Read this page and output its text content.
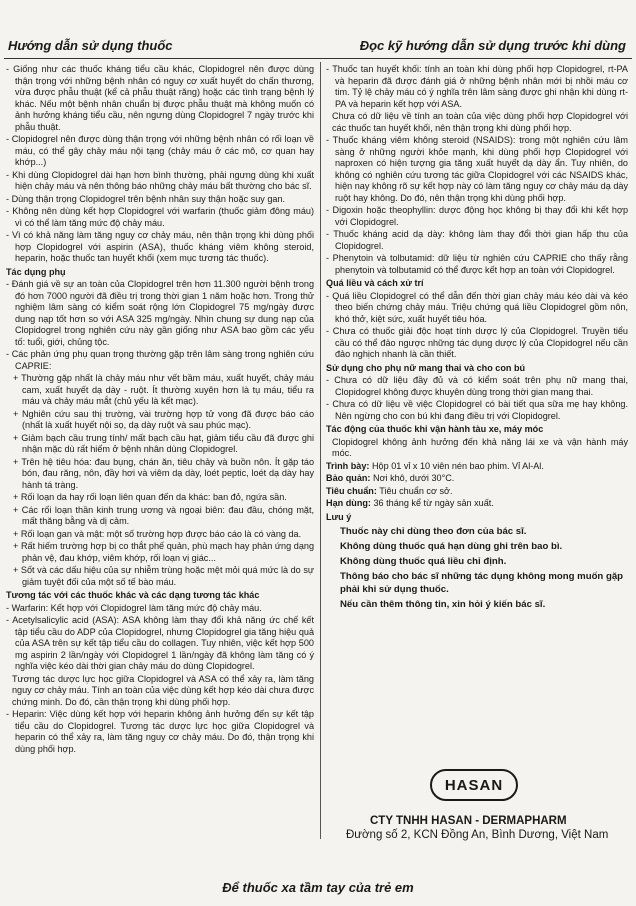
Hướng dẫn sử dụng thuốc	Đọc kỹ hướng dẫn sử dụng trước khi dùng

- Giống như các thuốc kháng tiểu cầu khác, Clopidogrel nên được dùng thận trọng với những bệnh nhân có nguy cơ xuất huyết do chấn thương, vừa được phẫu thuật (kể cả phẫu thuật răng) hoặc các tình trạng bệnh lý khác. Nếu một bệnh nhân chuẩn bị được phẫu thuật mà không muốn có ảnh hưởng kháng tiểu cầu, nên ngưng dùng Clopidogrel 7 ngày trước khi phẫu thuật.

- Clopidogrel nên được dùng thận trọng với những bệnh nhân có rối loạn về máu, có thể gây chảy máu nội tạng (chảy máu ở các mô, cơ quan hay khớp...)

- Khi dùng Clopidogrel dài hạn hơn bình thường, phải ngưng dùng khi xuất hiện chảy máu và nên thông báo những chảy máu bất thường cho bác sĩ.

- Dùng thận trọng Clopidogrel trên bệnh nhân suy thận hoặc suy gan.

- Không nên dùng kết hợp Clopidogrel với warfarin (thuốc giảm đông máu) vì có thể làm tăng mức độ chảy máu.

- Vì có khả năng làm tăng nguy cơ chảy máu, nên thận trọng khi dùng phối hợp Clopidogrel với aspirin (ASA), thuốc kháng viêm không steroid, heparin, hoặc thuốc tan huyết khối (xem mục tương tác thuốc).

Tác dụng phụ

- Đánh giá về sự an toàn của Clopidogrel trên hơn 11.300 người bệnh trong đó hơn 7000 người đã điều trị trong thời gian 1 năm hoặc hơn. Trong thử nghiệm lâm sàng có kiểm soát rộng lớn Clopidogrel 75 mg/ngày được dung nạp tốt hơn so với ASA 325 mg/ngày. Nhìn chung sự dung nạp của Clopidogrel trong nghiên cứu này gần giống như ASA bao gồm các yếu tố: tuổi, giới, chủng tộc.

- Các phản ứng phụ quan trọng thường gặp trên lâm sàng trong nghiên cứu CAPRIE:

+ Thường gặp nhất là chảy máu như vết bầm máu, xuất huyết, chảy máu cam, xuất huyết dạ dày - ruột. Ít thường xuyên hơn là tụ máu, tiểu ra máu và chảy máu mắt (chủ yếu là kết mạc).

+ Nghiên cứu sau thị trường, vài trường hợp tử vong đã được báo cáo (nhất là xuất huyết nội sọ, dạ dày ruột và sau phúc mạc).

+ Giảm bạch cầu trung tính/ mất bạch cầu hạt, giảm tiểu cầu đã được ghi nhận mặc dù rất hiếm ở bệnh nhân dùng Clopidogrel.

+ Trên hệ tiêu hóa: đau bụng, chán ăn, tiêu chảy và buồn nôn. Ít gặp táo bón, đau răng, nôn, đầy hơi và viêm dạ dày, loét peptic, loét dạ dày hay hành tá tràng.

+ Rối loạn da hay rối loạn liên quan đến da khác: ban đỏ, ngứa sần.

+ Các rối loạn thần kinh trung ương và ngoại biên: đau đầu, chóng mặt, mất thăng bằng và dị cảm.

+ Rối loạn gan và mật: một số trường hợp được báo cáo là có vàng da.

+ Rất hiếm trường hợp bị co thắt phế quản, phù mạch hay phản ứng dạng phản vệ, đau khớp, viêm khớp, rối loạn vị giác...

+ Sốt và các dấu hiệu của sự nhiễm trùng hoặc mệt mỏi quá mức là do sự giảm tuyệt đối của một số tế bào máu.

Tương tác với các thuốc khác và các dạng tương tác khác

- Warfarin: Kết hợp với Clopidogrel làm tăng mức độ chảy máu.

- Acetylsalicylic acid (ASA): ASA không làm thay đổi khả năng ức chế kết tập tiểu cầu do ADP của Clopidogrel, nhưng Clopidogrel gia tăng hiệu quả của ASA trên sự kết tập tiểu cầu do collagen. Tuy nhiên, việc kết hợp 500 mg aspirin 2 lần/ngày với Clopidogrel 1 lần/ngày đã không làm tăng có ý nghĩa việc kéo dài thời gian chảy máu do dùng Clopidogrel.

Tương tác dược lực học giữa Clopidogrel và ASA có thể xảy ra, làm tăng nguy cơ chảy máu. Tính an toàn của việc dùng kết hợp kéo dài chưa được chứng minh. Do đó, cần thận trọng khi dùng phối hợp.

- Heparin: Việc dùng kết hợp với heparin không ảnh hưởng đến sự kết tập tiểu cầu do Clopidogrel. Tương tác dược lực học giữa Clopidogrel và heparin có thể xảy ra, làm tăng nguy cơ chảy máu. Do đó, thận trọng khi dùng phối hợp.

- Thuốc tan huyết khối: tính an toàn khi dùng phối hợp Clopidogrel, rt-PA và heparin đã được đánh giá ở những bệnh nhân mới bị nhồi máu cơ tim. Tỷ lệ chảy máu có ý nghĩa trên lâm sàng được ghi nhận khi dùng rt-PA và heparin kết hợp với ASA.

Chưa có dữ liệu về tính an toàn của việc dùng phối hợp Clopidogrel với các thuốc tan huyết khối, nên thận trọng khi dùng phối hợp.

- Thuốc kháng viêm không steroid (NSAIDS): trong một nghiên cứu lâm sàng ở những người khỏe mạnh, khi dùng phối hợp Clopidogrel với naproxen có hiện tượng gia tăng xuất huyết dạ dày ẩn. Tuy nhiên, do không có nghiên cứu tương tác giữa Clopidogrel với các NSAIDS khác, hiện nay không rõ sự kết hợp này có làm tăng nguy cơ chảy máu dạ dày ruột hay không. Do đó, nên thận trọng khi dùng phối hợp.

- Digoxin hoặc theophyllin: dược động học không bị thay đổi khi kết hợp với Clopidogrel.

- Thuốc kháng acid dạ dày: không làm thay đổi thời gian hấp thu của Clopidogrel.

- Phenytoin và tolbutamid: dữ liệu từ nghiên cứu CAPRIE cho thấy rằng phenytoin và tolbutamid có thể được kết hợp an toàn với Clopidogrel.

Quá liều và cách xử trí

- Quá liều Clopidogrel có thể dẫn đến thời gian chảy máu kéo dài và kéo theo biến chứng chảy máu. Triệu chứng quá liều Clopidogrel gồm nôn, khó thở, kiệt sức, xuất huyết tiêu hóa.

- Chưa có thuốc giải độc hoạt tính dược lý của Clopidogrel. Truyền tiểu cầu có thể đảo ngược những tác dụng dược lý của Clopidogrel nếu cần đảo nghịch nhanh là cần thiết.

Sử dụng cho phụ nữ mang thai và cho con bú

- Chưa có dữ liệu đầy đủ và có kiểm soát trên phụ nữ mang thai, Clopidogrel không được khuyên dùng trong thời gian mang thai.

- Chưa có dữ liệu về việc Clopidogrel có bài tiết qua sữa mẹ hay không. Nên ngừng cho con bú khi đang điều trị với Clopidogrel.

Tác động của thuốc khi vận hành tàu xe, máy móc

Clopidogrel không ảnh hưởng đến khả năng lái xe và vận hành máy móc.

Trình bày: Hộp 01 vỉ x 10 viên nén bao phim. Vỉ Al-Al.
Bảo quản: Nơi khô, dưới 30°C.
Tiêu chuẩn: Tiêu chuẩn cơ sở.
Hạn dùng: 36 tháng kể từ ngày sản xuất.
Lưu ý
Thuốc này chỉ dùng theo đơn của bác sĩ.
Không dùng thuốc quá hạn dùng ghi trên bao bì.
Không dùng thuốc quá liều chỉ định.
Thông báo cho bác sĩ những tác dụng không mong muốn gặp phải khi sử dụng thuốc.
Nếu cần thêm thông tin, xin hỏi ý kiến bác sĩ.
HASAN
CTY TNHH HASAN - DERMAPHARM
Đường số 2, KCN Đồng An, Bình Dương, Việt Nam
Để thuốc xa tầm tay của trẻ em
